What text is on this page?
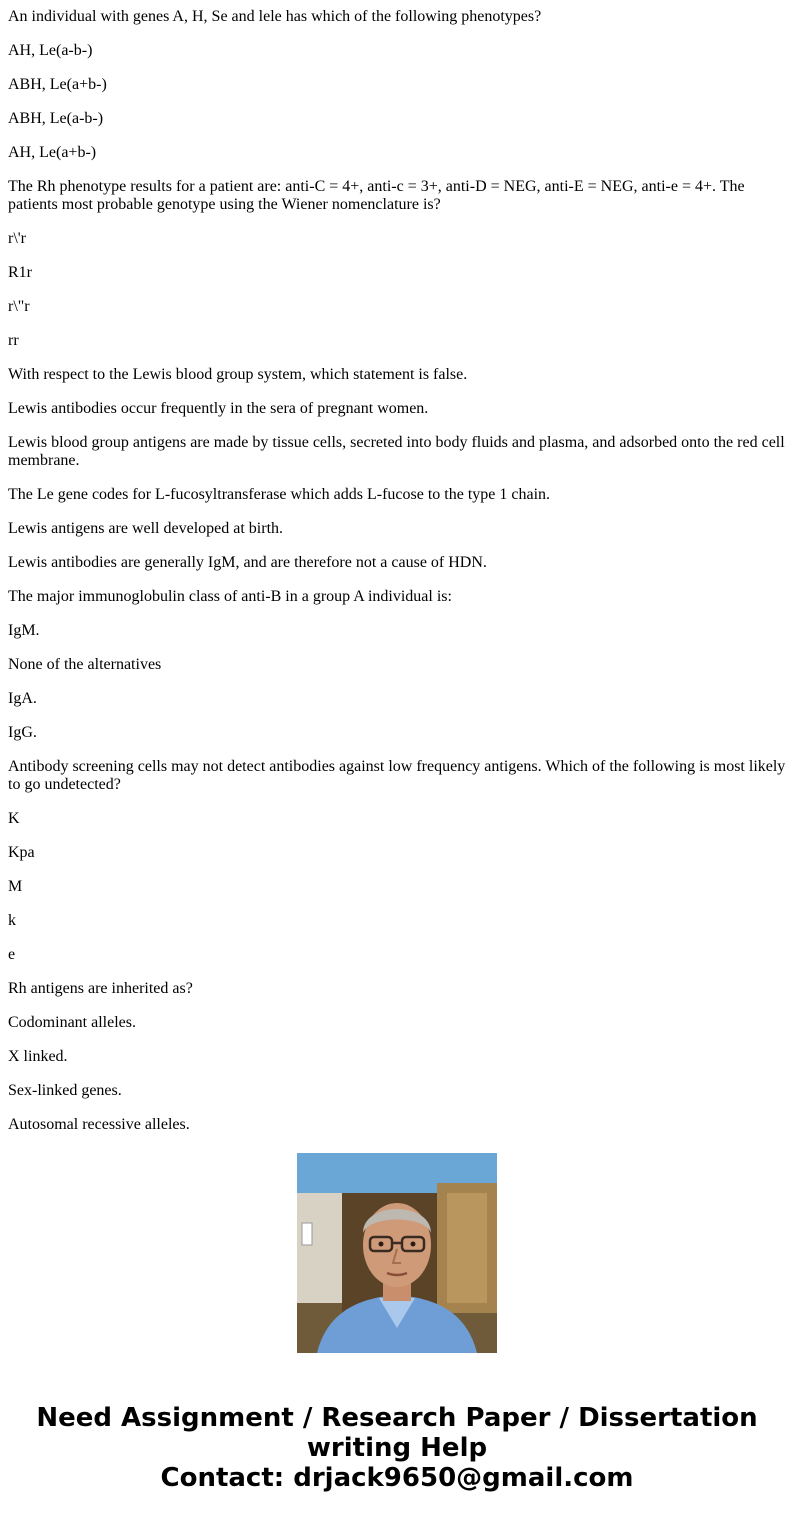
An individual with genes A, H, Se and lele has which of the following phenotypes?

AH, Le(a-b-)

ABH, Le(a+b-)

ABH, Le(a-b-)

AH, Le(a+b-)

The Rh phenotype results for a patient are: anti-C = 4+, anti-c = 3+, anti-D = NEG, anti-E = NEG, anti-e = 4+. The patients most probable genotype using the Wiener nomenclature is?

r\'r

R1r

r\"r

rr

With respect to the Lewis blood group system, which statement is false.

Lewis antibodies occur frequently in the sera of pregnant women.

Lewis blood group antigens are made by tissue cells, secreted into body fluids and plasma, and adsorbed onto the red cell membrane.

The Le gene codes for L-fucosyltransferase which adds L-fucose to the type 1 chain.

Lewis antigens are well developed at birth.

Lewis antibodies are generally IgM, and are therefore not a cause of HDN.

The major immunoglobulin class of anti-B in a group A individual is:

IgM.

None of the alternatives

IgA.

IgG.

Antibody screening cells may not detect antibodies against low frequency antigens. Which of the following is most likely to go undetected?

K

Kpa

M

k

e

Rh antigens are inherited as?

Codominant alleles.

X linked.

Sex-linked genes.

Autosomal recessive alleles.

Need Assignment / Research Paper / Dissertation
writing Help
Contact: drjack9650@gmail.com
